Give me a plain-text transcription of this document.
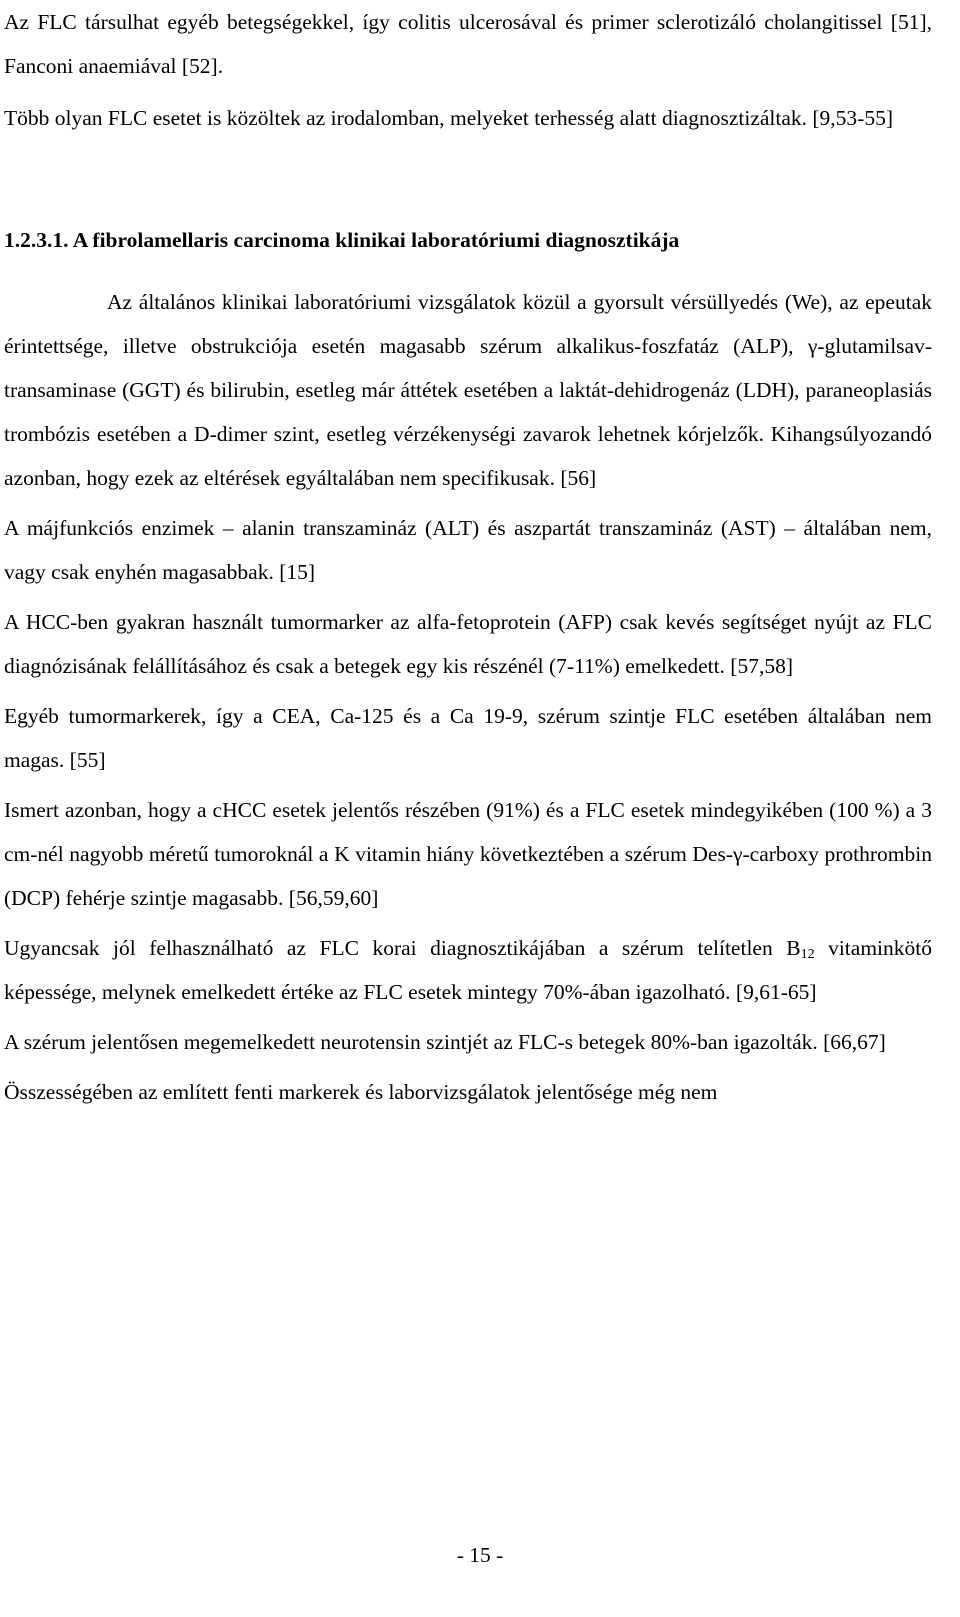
Az FLC társulhat egyéb betegségekkel, így colitis ulcerosával és primer sclerotizáló cholangitissel [51], Fanconi anaemiával [52].

Több olyan FLC esetet is közöltek az irodalomban, melyeket terhesség alatt diagnosztizáltak. [9,53-55]

1.2.3.1. A fibrolamellaris carcinoma klinikai laboratóriumi diagnosztikája

Az általános klinikai laboratóriumi vizsgálatok közül a gyorsult vérsüllyedés (We), az epeutak érintettsége, illetve obstrukciója esetén magasabb szérum alkalikus-foszfatáz (ALP), γ-glutamilsav-transaminase (GGT) és bilirubin, esetleg már áttétek esetében a laktát-dehidrogenáz (LDH), paraneoplasiás trombózis esetében a D-dimer szint, esetleg vérzékenységi zavarok lehetnek kórjelzők. Kihangsúlyozandó azonban, hogy ezek az eltérések egyáltalában nem specifikusak. [56]

A májfunkciós enzimek – alanin transzamináz (ALT) és aszpartát transzamináz (AST) – általában nem, vagy csak enyhén magasabbak. [15]

A HCC-ben gyakran használt tumormarker az alfa-fetoprotein (AFP) csak kevés segítséget nyújt az FLC diagnózisának felállításához és csak a betegek egy kis részénél (7-11%) emelkedett. [57,58]

Egyéb tumormarkerek, így a CEA, Ca-125 és a Ca 19-9, szérum szintje FLC esetében általában nem magas. [55]

Ismert azonban, hogy a cHCC esetek jelentős részében (91%) és a FLC esetek mindegyikében (100 %) a 3 cm-nél nagyobb méretű tumoroknál a K vitamin hiány következtében a szérum Des-γ-carboxy prothrombin (DCP) fehérje szintje magasabb. [56,59,60]

Ugyancsak jól felhasználható az FLC korai diagnosztikájában a szérum telítetlen $B_{12}$ vitaminkötő képessége, melynek emelkedett értéke az FLC esetek mintegy 70%-ában igazolható. [9,61-65]

A szérum jelentősen megemelkedett neurotensin szintjét az FLC-s betegek 80%-ban igazolták. [66,67]

Összességében az említett fenti markerek és laborvizsgálatok jelentősége még nem

- 15 -
